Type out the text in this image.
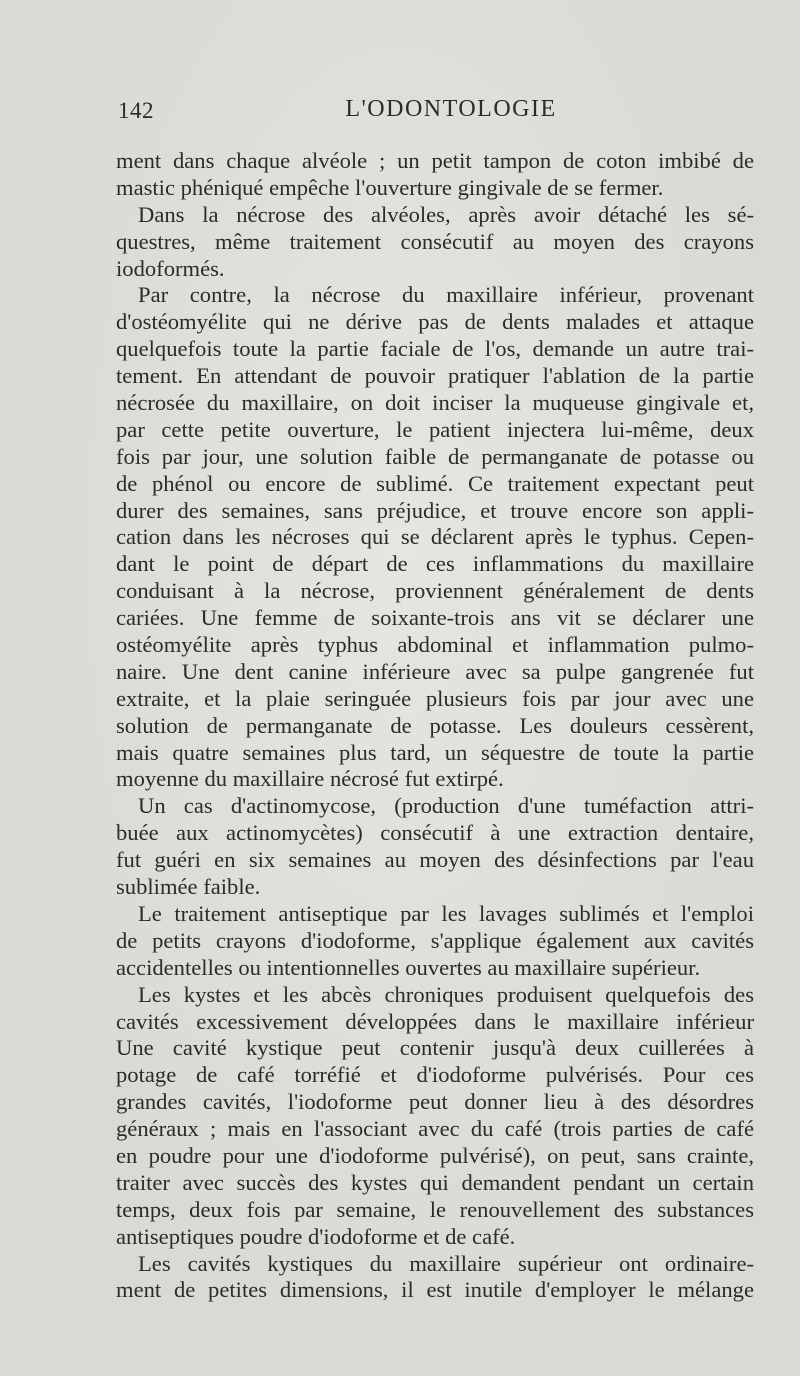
142	L'ODONTOLOGIE
ment dans chaque alvéole ; un petit tampon de coton imbibé de
mastic phéniqué empêche l'ouverture gingivale de se fermer.
Dans la nécrose des alvéoles, après avoir détaché les sé-
questres, même traitement consécutif au moyen des crayons
iodoformés.
Par contre, la nécrose du maxillaire inférieur, provenant
d'ostéomyélite qui ne dérive pas de dents malades et attaque
quelquefois toute la partie faciale de l'os, demande un autre trai-
tement. En attendant de pouvoir pratiquer l'ablation de la partie
nécrosée du maxillaire, on doit inciser la muqueuse gingivale et,
par cette petite ouverture, le patient injectera lui-même, deux
fois par jour, une solution faible de permanganate de potasse ou
de phénol ou encore de sublimé. Ce traitement expectant peut
durer des semaines, sans préjudice, et trouve encore son appli-
cation dans les nécroses qui se déclarent après le typhus. Cepen-
dant le point de départ de ces inflammations du maxillaire
conduisant à la nécrose, proviennent généralement de dents
cariées. Une femme de soixante-trois ans vit se déclarer une
ostéomyélite après typhus abdominal et inflammation pulmo-
naire. Une dent canine inférieure avec sa pulpe gangrenée fut
extraite, et la plaie seringuée plusieurs fois par jour avec une
solution de permanganate de potasse. Les douleurs cessèrent,
mais quatre semaines plus tard, un séquestre de toute la partie
moyenne du maxillaire nécrosé fut extirpé.
Un cas d'actinomycose, (production d'une tuméfaction attri-
buée aux actinomycètes) consécutif à une extraction dentaire,
fut guéri en six semaines au moyen des désinfections par l'eau
sublimée faible.
Le traitement antiseptique par les lavages sublimés et l'emploi
de petits crayons d'iodoforme, s'applique également aux cavités
accidentelles ou intentionnelles ouvertes au maxillaire supérieur.
Les kystes et les abcès chroniques produisent quelquefois des
cavités excessivement développées dans le maxillaire inférieur
Une cavité kystique peut contenir jusqu'à deux cuillerées à
potage de café torréfié et d'iodoforme pulvérisés. Pour ces
grandes cavités, l'iodoforme peut donner lieu à des désordres
généraux ; mais en l'associant avec du café (trois parties de café
en poudre pour une d'iodoforme pulvérisé), on peut, sans crainte,
traiter avec succès des kystes qui demandent pendant un certain
temps, deux fois par semaine, le renouvellement des substances
antiseptiques poudre d'iodoforme et de café.
Les cavités kystiques du maxillaire supérieur ont ordinaire-
ment de petites dimensions, il est inutile d'employer le mélange
